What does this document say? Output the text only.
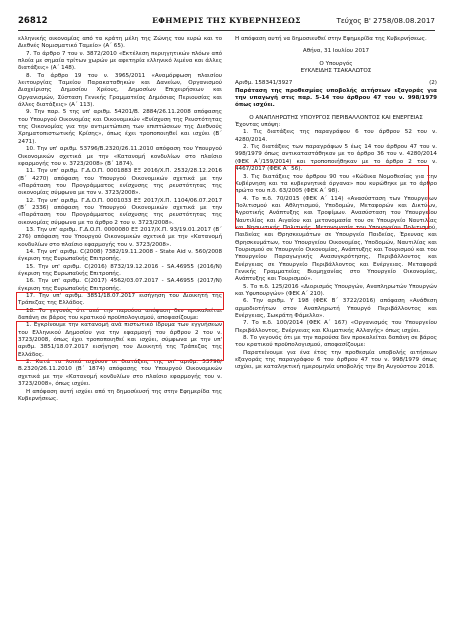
26812	ΕΦΗΜΕΡΙΣ ΤΗΣ ΚΥΒΕΡΝΗΣΕΩΣ	Τεύχος Β' 2758/08.08.2017

ελληνικής οικονομίας από τα κράτη μέλη της Ζώνης του ευρώ και το Διεθνές Νομισματικό Ταμείο» (Α΄ 65).

7. Το άρθρο 7 του ν. 3872/2010 «Εκτέλεση περιηγητικών πλόων από πλοία με σημαία τρίτων χωρών με αφετηρία ελληνικό λιμένα και άλλες διατάξεις» (Α΄ 148).

8. Το άρθρο 19 του ν. 3965/2011 «Αναμόρφωση πλαισίου λειτουργίας Ταμείου Παρακαταθηκών και Δανείων, Οργανισμού Διαχείρισης Δημοσίου Χρέους, Δημοσίων Επιχειρήσεων και Οργανισμών, Σύσταση Γενικής Γραμματείας Δημόσιας Περιουσίας και άλλες διατάξεις» (Α΄ 113).

9. Την παρ. 5 της υπ' αριθμ. 54201/Β. 2884/26.11.2008 απόφασης του Υπουργού Οικονομίας και Οικονομικών «Ενίσχυση της Ρευστότητας της Οικονομίας για την αντιμετώπιση των επιπτώσεων της Διεθνούς Χρηματοπιστωτικής Κρίσης», όπως έχει τροποποιηθεί και ισχύει (Β΄ 2471).

10. Την υπ' αριθμ. 53796/Β.2320/26.11.2010 απόφαση του Υπουργού Οικονομικών σχετικά με την «Κατανομή κονδυλίων στο πλαίσιο εφαρμογής του ν. 3723/2008» (Β΄ 1874).

11. Την υπ' αριθμ. Γ.Δ.Ο.Π. 0001883 ΕΞ 2016/Χ.Π. 2532/28.12.2016 (Β΄ 4270) απόφαση του Υπουργού Οικονομικών σχετικά με την «Παράταση του Προγράμματος ενίσχυσης της ρευστότητας της οικονομίας σύμφωνα με τον ν. 3723/2008».

12. Την υπ' αριθμ. Γ.Δ.Ο.Π. 0001033 ΕΞ 2017/Χ.Π. 1104/06.07.2017 (Β΄ 2336) απόφαση του Υπουργού Οικονομικών σχετικά με την «Παράταση του Προγράμματος ενίσχυσης της ρευστότητας της οικονομίας σύμφωνα με το άρθρο 2 του ν. 3723/2008».

13. Την υπ' αριθμ. Γ.Δ.Ο.Π. 0000080 ΕΞ 2017/Χ.Π. 93/19.01.2017 (Β΄ 276) απόφαση του Υπουργού Οικονομικών σχετικά με την «Κατανομή κονδυλίων στο πλαίσιο εφαρμογής του ν. 3723/2008».

14. Την υπ' αριθμ. C(2008) 7382/19.11.2008 - State Aid ν. 560/2008 έγκριση της Ευρωπαϊκής Επιτροπής.

15. Την υπ' αριθμ. C(2016) 8732/19.12.2016 - SA.46955 (2016/N) έγκριση της Ευρωπαϊκής Επιτροπής.

16. Την υπ' αριθμ. C(2017) 4562/03.07.2017 - SA.46955 (2017/N) έγκριση της Ευρωπαϊκής Επιτροπής.

17. Την υπ' αριθμ. 3851/18.07.2017 εισήγηση του Διοικητή της Τράπεζας της Ελλάδος.

18. Το γεγονός ότι από την παρούσα απόφαση δεν προκαλείται δαπάνη σε βάρος του κρατικού προϋπολογισμού, αποφασίζουμε:

1. Εγκρίνουμε την κατανομή ανά πιστωτικό ίδρυμα των εγγυήσεων του Ελληνικού Δημοσίου για την εφαρμογή του άρθρου 2 του ν. 3723/2008, όπως έχει τροποποιηθεί και ισχύει, σύμφωνα με την υπ' αριθμ. 3851/18.07.2017 εισήγηση του Διοικητή της Τράπεζας της Ελλάδος.

2. Κατά τα λοιπά ισχύουν οι διατάξεις της υπ' αριθμ. 53796/Β.2320/26.11.2010 (Β΄ 1874) απόφασης του Υπουργού Οικονομικών σχετικά με την «Κατανομή κονδυλίων στο πλαίσιο εφαρμογής του ν. 3723/2008», όπως ισχύει.

Η απόφαση αυτή ισχύει από τη δημοσίευσή της στην Εφημερίδα της Κυβερνήσεως.

Η απόφαση αυτή να δημοσιευθεί στην Εφημερίδα της Κυβερνήσεως.

Αθήνα, 31 Ιουλίου 2017

Ο Υπουργός

ΕΥΚΛΕΙΔΗΣ ΤΣΑΚΑΛΩΤΟΣ

Αριθμ. 158341/3927	(2)

Παράταση της προθεσμίας υποβολής αιτήσεων εξαγοράς για την υπαγωγή στις παρ. 5-14 του άρθρου 47 του ν. 998/1979 όπως ισχύει.

Ο ΑΝΑΠΛΗΡΩΤΗΣ ΥΠΟΥΡΓΟΣ ΠΕΡΙΒΑΛΛΟΝΤΟΣ ΚΑΙ ΕΝΕΡΓΕΙΑΣ

Έχοντας υπόψη:

1. Τις διατάξεις της παραγράφου 6 του άρθρου 52 του ν. 4280/2014.

2. Τις διατάξεις των παραγράφων 5 έως 14 του άρθρου 47 του ν. 998/1979 όπως αντικαταστάθηκαν με το άρθρο 36 του ν. 4280/2014 (ΦΕΚ Α΄/159/2014) και τροποποιήθηκαν με το άρθρο 2 του ν. 4467/2017 (ΦΕΚ Α΄ 56).

3. Τις διατάξεις του άρθρου 90 του «Κώδικα Νομοθεσίας για την Κυβέρνηση και τα κυβερνητικά όργανα» που κυρώθηκε με το άρθρο πρώτο του π.δ. 63/2005 (ΦΕΚ Α΄ 98).

4. Το π.δ. 70/2015 (ΦΕΚ Α΄ 114) «Ανασύσταση των Υπουργείων Πολιτισμού και Αθλητισμού, Υποδομών, Μεταφορών και Δικτύων, Αγροτικής Ανάπτυξης και Τροφίμων. Ανασύσταση του Υπουργείου Ναυτιλίας και Αιγαίου και μετονομασία του σε Υπουργείο Ναυτιλίας και Νησιωτικής Πολιτικής. Μετονομασία του Υπουργείου Πολιτισμού, Παιδείας και Θρησκευμάτων σε Υπουργείο Παιδείας, Έρευνας και Θρησκευμάτων, του Υπουργείου Οικονομίας, Υποδομών, Ναυτιλίας και Τουρισμού σε Υπουργείο Οικονομίας, Ανάπτυξης και Τουρισμού και του Υπουργείου Παραγωγικής Ανασυγκρότησης, Περιβάλλοντος και Ενέργειας σε Υπουργείο Περιβάλλοντος και Ενέργειας. Μεταφορά Γενικής Γραμματείας Βιομηχανίας στο Υπουργείο Οικονομίας, Ανάπτυξης και Τουρισμού».

5. Το π.δ. 125/2016 «Διορισμός Υπουργών, Αναπληρωτών Υπουργών και Υφυπουργών» (ΦΕΚ Α΄ 210).

6. Την αριθμ. Υ 198 (ΦΕΚ Β΄ 3722/2016) απόφαση «Ανάθεση αρμοδιοτήτων στον Αναπληρωτή Υπουργό Περιβάλλοντος και Ενέργειας, Σωκράτη Φάμελλο».

7. Το π.δ. 100/2014 (ΦΕΚ Α΄ 167) «Οργανισμός του Υπουργείου Περιβάλλοντος, Ενέργειας και Κλιματικής Αλλαγής» όπως ισχύει.

8. Το γεγονός ότι με την παρούσα δεν προκαλείται δαπάνη σε βάρος του κρατικού προϋπολογισμού, αποφασίζουμε:

Παρατείνουμε για ένα έτος την προθεσμία υποβολής αιτήσεων εξαγοράς της παραγράφου 6 του άρθρου 47 του ν. 998/1979 όπως ισχύει, με καταληκτική ημερομηνία υποβολής την 8η Αυγούστου 2018.
